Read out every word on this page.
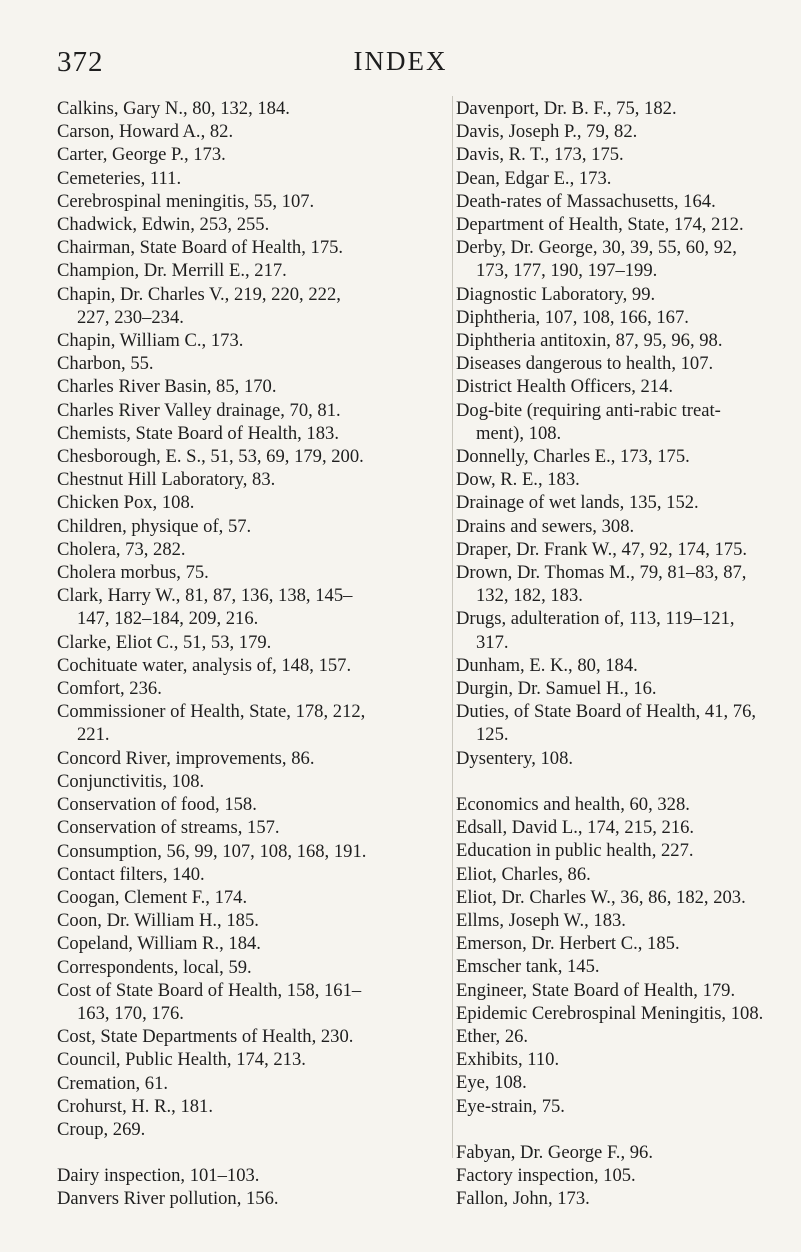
372	INDEX
Calkins, Gary N., 80, 132, 184.
Carson, Howard A., 82.
Carter, George P., 173.
Cemeteries, 111.
Cerebrospinal meningitis, 55, 107.
Chadwick, Edwin, 253, 255.
Chairman, State Board of Health, 175.
Champion, Dr. Merrill E., 217.
Chapin, Dr. Charles V., 219, 220, 222,
227, 230–234.
Chapin, William C., 173.
Charbon, 55.
Charles River Basin, 85, 170.
Charles River Valley drainage, 70, 81.
Chemists, State Board of Health, 183.
Chesborough, E. S., 51, 53, 69, 179, 200.
Chestnut Hill Laboratory, 83.
Chicken Pox, 108.
Children, physique of, 57.
Cholera, 73, 282.
Cholera morbus, 75.
Clark, Harry W., 81, 87, 136, 138, 145–
147, 182–184, 209, 216.
Clarke, Eliot C., 51, 53, 179.
Cochituate water, analysis of, 148, 157.
Comfort, 236.
Commissioner of Health, State, 178, 212,
221.
Concord River, improvements, 86.
Conjunctivitis, 108.
Conservation of food, 158.
Conservation of streams, 157.
Consumption, 56, 99, 107, 108, 168, 191.
Contact filters, 140.
Coogan, Clement F., 174.
Coon, Dr. William H., 185.
Copeland, William R., 184.
Correspondents, local, 59.
Cost of State Board of Health, 158, 161–
163, 170, 176.
Cost, State Departments of Health, 230.
Council, Public Health, 174, 213.
Cremation, 61.
Crohurst, H. R., 181.
Croup, 269.
Dairy inspection, 101–103.
Danvers River pollution, 156.
Davenport, Dr. B. F., 75, 182.
Davis, Joseph P., 79, 82.
Davis, R. T., 173, 175.
Dean, Edgar E., 173.
Death-rates of Massachusetts, 164.
Department of Health, State, 174, 212.
Derby, Dr. George, 30, 39, 55, 60, 92,
173, 177, 190, 197–199.
Diagnostic Laboratory, 99.
Diphtheria, 107, 108, 166, 167.
Diphtheria antitoxin, 87, 95, 96, 98.
Diseases dangerous to health, 107.
District Health Officers, 214.
Dog-bite (requiring anti-rabic treat-
ment), 108.
Donnelly, Charles E., 173, 175.
Dow, R. E., 183.
Drainage of wet lands, 135, 152.
Drains and sewers, 308.
Draper, Dr. Frank W., 47, 92, 174, 175.
Drown, Dr. Thomas M., 79, 81–83, 87,
132, 182, 183.
Drugs, adulteration of, 113, 119–121,
317.
Dunham, E. K., 80, 184.
Durgin, Dr. Samuel H., 16.
Duties, of State Board of Health, 41, 76,
125.
Dysentery, 108.
Economics and health, 60, 328.
Edsall, David L., 174, 215, 216.
Education in public health, 227.
Eliot, Charles, 86.
Eliot, Dr. Charles W., 36, 86, 182, 203.
Ellms, Joseph W., 183.
Emerson, Dr. Herbert C., 185.
Emscher tank, 145.
Engineer, State Board of Health, 179.
Epidemic Cerebrospinal Meningitis, 108.
Ether, 26.
Exhibits, 110.
Eye, 108.
Eye-strain, 75.
Fabyan, Dr. George F., 96.
Factory inspection, 105.
Fallon, John, 173.
